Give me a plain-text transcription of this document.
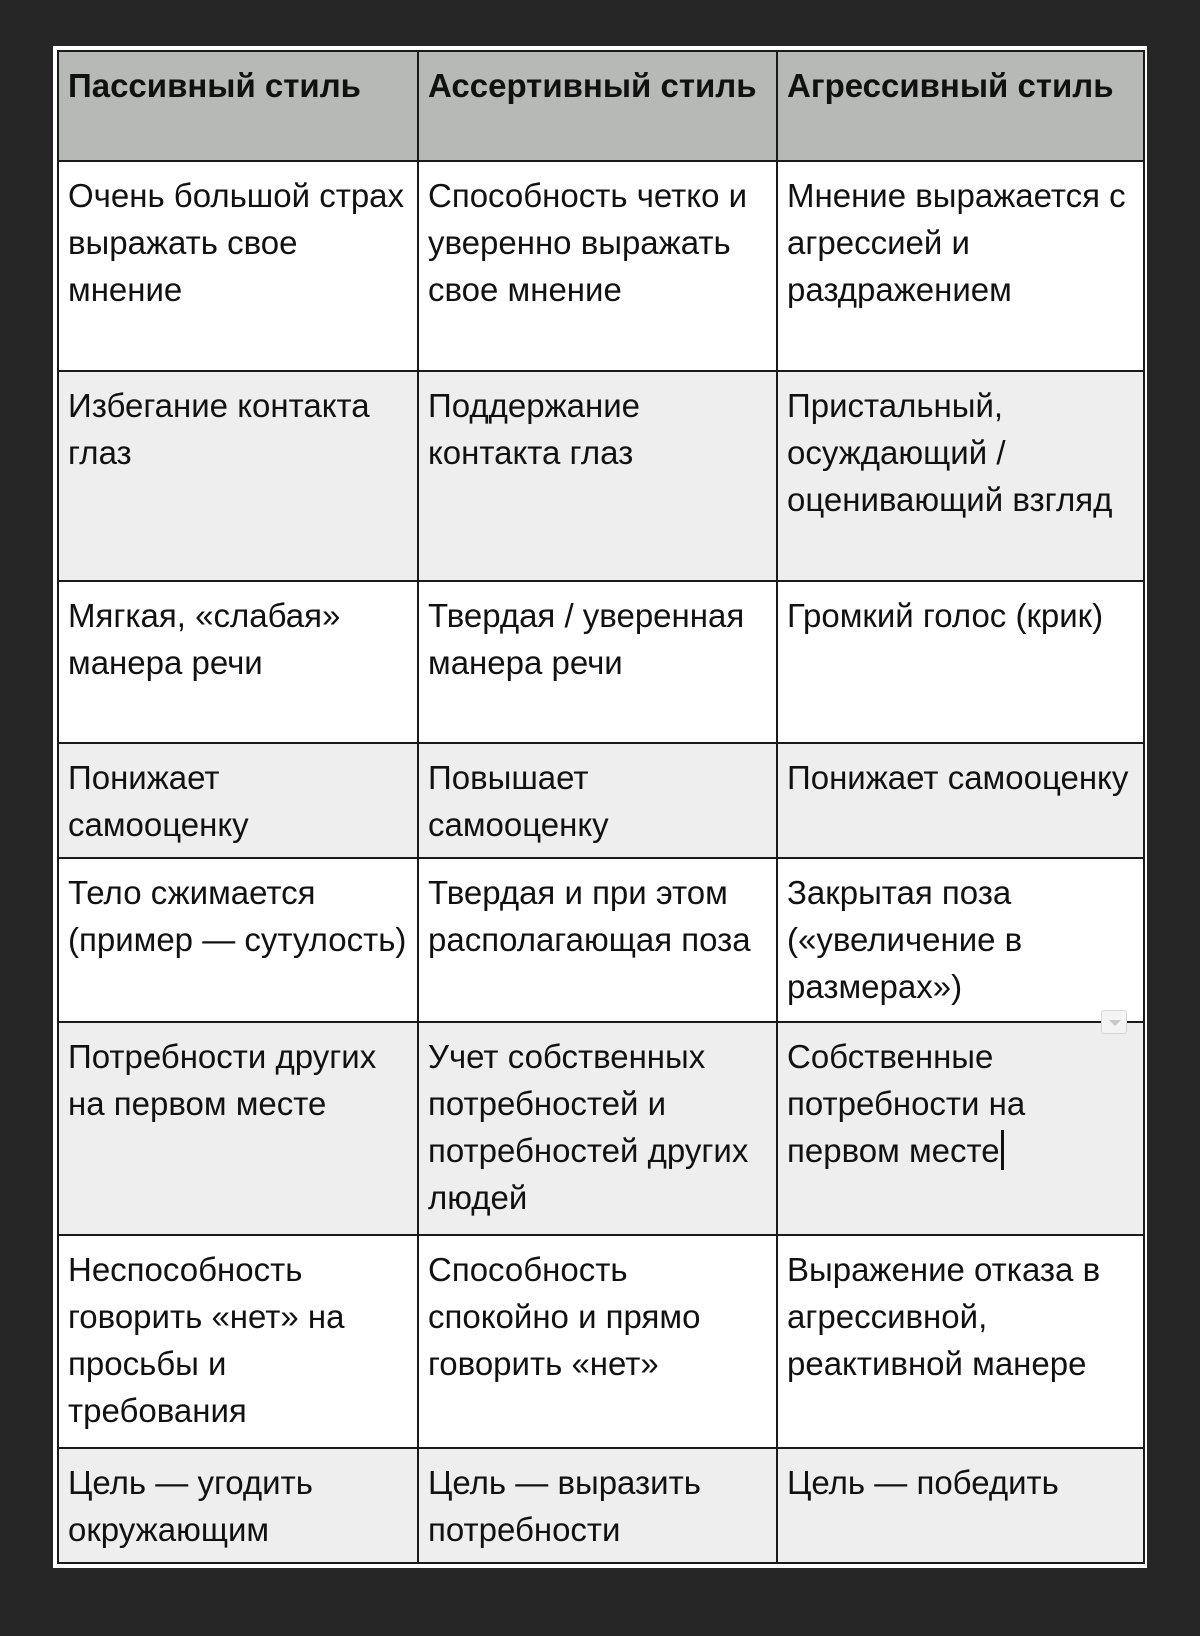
Пассивный стиль	Ассертивный стиль	Агрессивный стиль
Очень большой страх выражать свое мнение	Способность четко и уверенно выражать свое мнение	Мнение выражается с агрессией и раздражением
Избегание контакта глаз	Поддержание контакта глаз	Пристальный, осуждающий / оценивающий взгляд
Мягкая, «слабая» манера речи	Твердая / уверенная манера речи	Громкий голос (крик)
Понижает самооценку	Повышает самооценку	Понижает самооценку
Тело сжимается (пример — сутулость)	Твердая и при этом располагающая поза	Закрытая поза («увеличение в размерах»)
Потребности других на первом месте	Учет собственных потребностей и потребностей других людей	Собственные потребности на первом месте

Неспособность говорить «нет» на просьбы и требования	Способность спокойно и прямо говорить «нет»	Выражение отказа в агрессивной, реактивной манере
Цель — угодить окружающим	Цель — выразить потребности	Цель — победить
